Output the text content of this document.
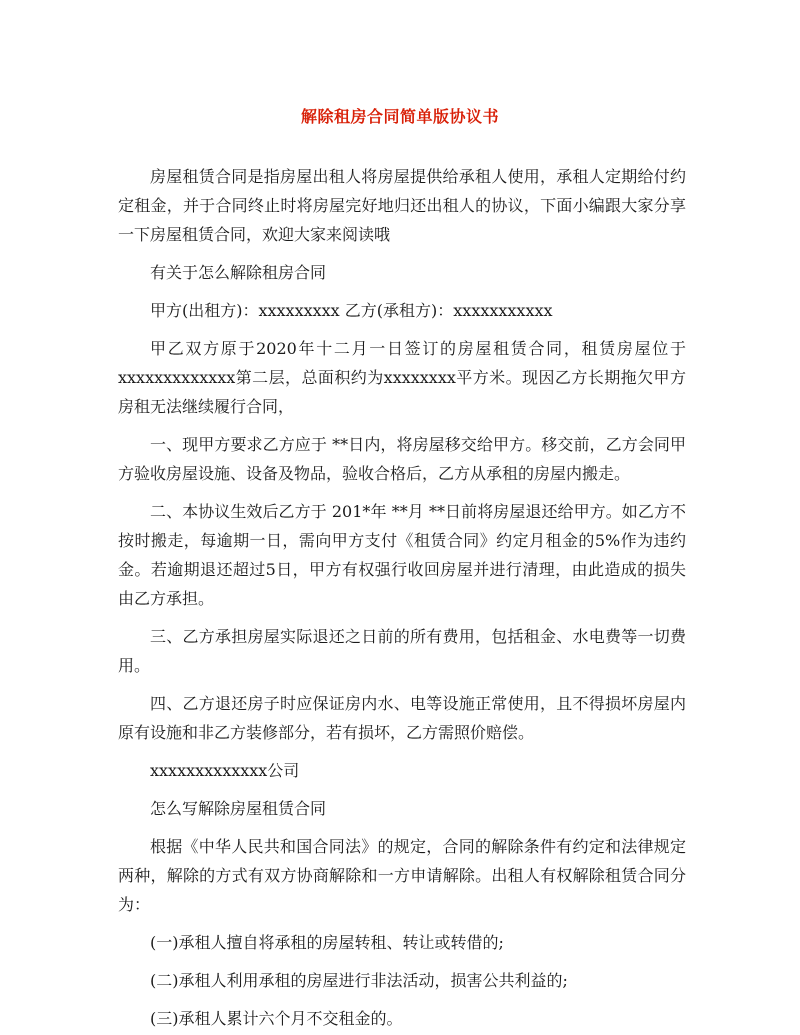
解除租房合同简单版协议书

房屋租赁合同是指房屋出租人将房屋提供给承租人使用，承租人定期给付约定租金，并于合同终止时将房屋完好地归还出租人的协议，下面小编跟大家分享一下房屋租赁合同，欢迎大家来阅读哦

有关于怎么解除租房合同

甲方(出租方)：xxxxxxxxx 乙方(承租方)：xxxxxxxxxxx

甲乙双方原于2020年十二月一日签订的房屋租赁合同，租赁房屋位于xxxxxxxxxxxxx第二层，总面积约为xxxxxxxx平方米。现因乙方长期拖欠甲方房租无法继续履行合同，

一、现甲方要求乙方应于 **日内，将房屋移交给甲方。移交前，乙方会同甲方验收房屋设施、设备及物品，验收合格后，乙方从承租的房屋内搬走。

二、本协议生效后乙方于 201*年 **月 **日前将房屋退还给甲方。如乙方不按时搬走，每逾期一日，需向甲方支付《租赁合同》约定月租金的5%作为违约金。若逾期退还超过5日，甲方有权强行收回房屋并进行清理，由此造成的损失由乙方承担。

三、乙方承担房屋实际退还之日前的所有费用，包括租金、水电费等一切费用。

四、乙方退还房子时应保证房内水、电等设施正常使用，且不得损坏房屋内原有设施和非乙方装修部分，若有损坏，乙方需照价赔偿。

xxxxxxxxxxxxx公司

怎么写解除房屋租赁合同

根据《中华人民共和国合同法》的规定，合同的解除条件有约定和法律规定两种，解除的方式有双方协商解除和一方申请解除。出租人有权解除租赁合同分为：

(一)承租人擅自将承租的房屋转租、转让或转借的;

(二)承租人利用承租的房屋进行非法活动，损害公共利益的;

(三)承租人累计六个月不交租金的。
